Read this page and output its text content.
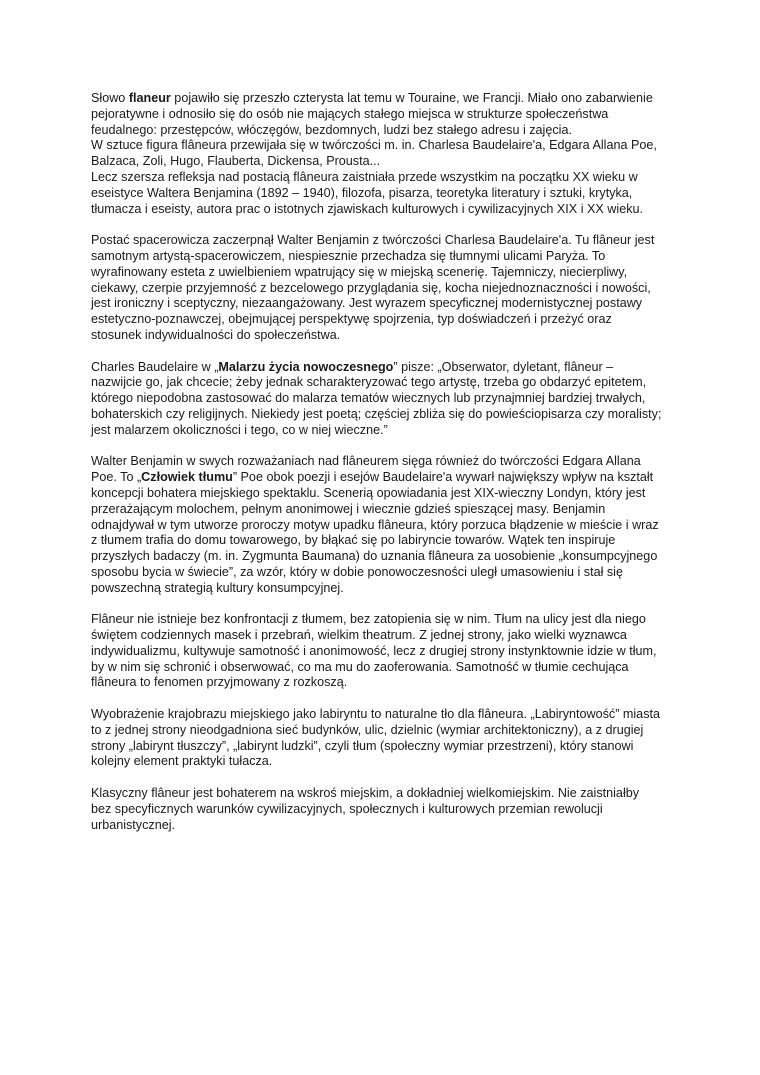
Słowo flaneur pojawiło się przeszło czterysta lat temu w Touraine, we Francji. Miało ono zabarwienie
pejoratywne i odnosiło się do osób nie mających stałego miejsca w strukturze społeczeństwa
feudalnego: przestępców, włóczęgów, bezdomnych, ludzi bez stałego adresu i zajęcia.
W sztuce figura flâneura przewijała się w twórczości m. in. Charlesa Baudelaire'a, Edgara Allana Poe,
Balzaca, Zoli, Hugo, Flauberta, Dickensa, Prousta...
Lecz szersza refleksja nad postacią flâneura zaistniała przede wszystkim na początku XX wieku w
eseistyce Waltera Benjamina (1892 – 1940), filozofa, pisarza, teoretyka literatury i sztuki, krytyka,
tłumacza i eseisty, autora prac o istotnych zjawiskach kulturowych i cywilizacyjnych XIX i XX wieku.
Postać spacerowicza zaczerpnął Walter Benjamin z twórczości Charlesa Baudelaire'a. Tu flâneur jest
samotnym artystą-spacerowiczem, niespiesznie przechadza się tłumnymi ulicami Paryża. To
wyrafinowany esteta z uwielbieniem wpatrujący się w miejską scenerię. Tajemniczy, niecierpliwy,
ciekawy, czerpie przyjemność z bezcelowego przyglądania się, kocha niejednoznaczności i nowości,
jest ironiczny i sceptyczny, niezaangażowany. Jest wyrazem specyficznej modernistycznej postawy
estetyczno-poznawczej, obejmującej perspektywę spojrzenia, typ doświadczeń i przeżyć oraz
stosunek indywidualności do społeczeństwa.
Charles Baudelaire w „Malarzu życia nowoczesnego” pisze: „Obserwator, dyletant, flâneur –
nazwijcie go, jak chcecie; żeby jednak scharakteryzować tego artystę, trzeba go obdarzyć epitetem,
którego niepodobna zastosować do malarza tematów wiecznych lub przynajmniej bardziej trwałych,
bohaterskich czy religijnych. Niekiedy jest poetą; częściej zbliża się do powieściopisarza czy moralisty;
jest malarzem okoliczności i tego, co w niej wieczne.”
Walter Benjamin w swych rozważaniach nad flâneurem sięga również do twórczości Edgara Allana
Poe. To „Człowiek tłumu” Poe obok poezji i esejów Baudelaire'a wywarł największy wpływ na kształt
koncepcji bohatera miejskiego spektaklu. Scenerią opowiadania jest XIX-wieczny Londyn, który jest
przerażającym molochem, pełnym anonimowej i wiecznie gdzieś spieszącej masy. Benjamin
odnajdywał w tym utworze proroczy motyw upadku flâneura, który porzuca błądzenie w mieście i wraz
z tłumem trafia do domu towarowego, by błąkać się po labiryncie towarów. Wątek ten inspiruje
przyszłych badaczy (m. in. Zygmunta Baumana) do uznania flâneura za uosobienie „konsumpcyjnego
sposobu bycia w świecie”, za wzór, który w dobie ponowoczesności uległ umasowieniu i stał się
powszechną strategią kultury konsumpcyjnej.
Flâneur nie istnieje bez konfrontacji z tłumem, bez zatopienia się w nim. Tłum na ulicy jest dla niego
świętem codziennych masek i przebrań, wielkim theatrum. Z jednej strony, jako wielki wyznawca
indywidualizmu, kultywuje samotność i anonimowość, lecz z drugiej strony instynktownie idzie w tłum,
by w nim się schronić i obserwować, co ma mu do zaoferowania. Samotność w tłumie cechująca
flâneura to fenomen przyjmowany z rozkoszą.
Wyobrażenie krajobrazu miejskiego jako labiryntu to naturalne tło dla flâneura. „Labiryntowość” miasta
to z jednej strony nieodgadniona sieć budynków, ulic, dzielnic (wymiar architektoniczny), a z drugiej
strony „labirynt tłuszczy”, „labirynt ludzki”, czyli tłum (społeczny wymiar przestrzeni), który stanowi
kolejny element praktyki tułacza.
Klasyczny flâneur jest bohaterem na wskroś miejskim, a dokładniej wielkomiejskim. Nie zaistniałby
bez specyficznych warunków cywilizacyjnych, społecznych i kulturowych przemian rewolucji
urbanistycznej.
